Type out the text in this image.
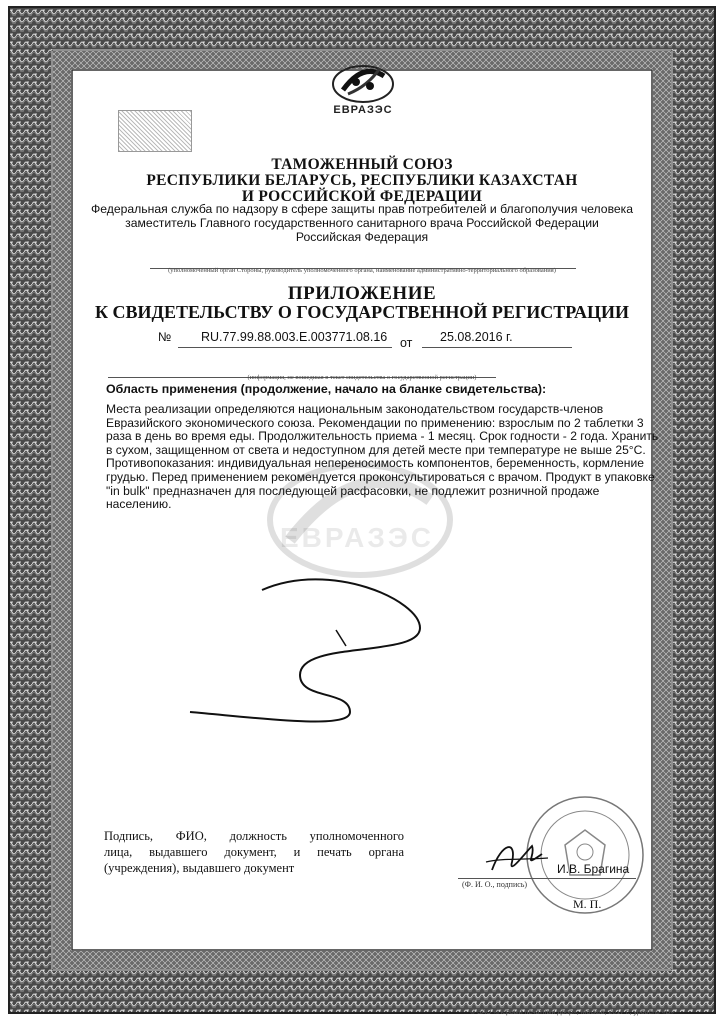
ЕВРАЗЭС
ТАМОЖЕННЫЙ СОЮЗ
РЕСПУБЛИКИ БЕЛАРУСЬ, РЕСПУБЛИКИ КАЗАХСТАН
И РОССИЙСКОЙ ФЕДЕРАЦИИ
Федеральная служба по надзору в сфере защиты прав потребителей и благополучия человека
заместитель Главного государственного санитарного врача Российской Федерации
Российская Федерация
(уполномоченный орган Стороны, руководитель уполномоченного органа, наименование административно-территориального образования)
ПРИЛОЖЕНИЕ
К СВИДЕТЕЛЬСТВУ О ГОСУДАРСТВЕННОЙ РЕГИСТРАЦИИ
№ RU.77.99.88.003.E.003771.08.16 от 25.08.2016 г.
(информация, не вошедшая в текст свидетельства о государственной регистрации)
ЕВРАЗЭС
Область применения (продолжение, начало на бланке свидетельства):
Места реализации определяются национальным законодательством государств-членов
Евразийского экономического союза. Рекомендации по применению: взрослым по 2 таблетки 3
раза в день во время еды. Продолжительность приема - 1 месяц. Срок годности - 2 года. Хранить
в сухом, защищенном от света и недоступном для детей месте при температуре не выше 25°С.
Противопоказания: индивидуальная непереносимость компонентов, беременность, кормление
грудью. Перед применением рекомендуется проконсультироваться с врачом. Продукт в упаковке
"in bulk" предназначен для последующей расфасовки, не подлежит розничной продаже
населению.
Подпись, ФИО, должность уполномоченного
лица, выдавшего документ, и печать органа
(учреждения), выдавшего документ	И.В. Брагина
(Ф. И. О., подпись)
М. П.
© ЗАО «Первый печатный двор», Москва, 2017 г., уровень «В»
